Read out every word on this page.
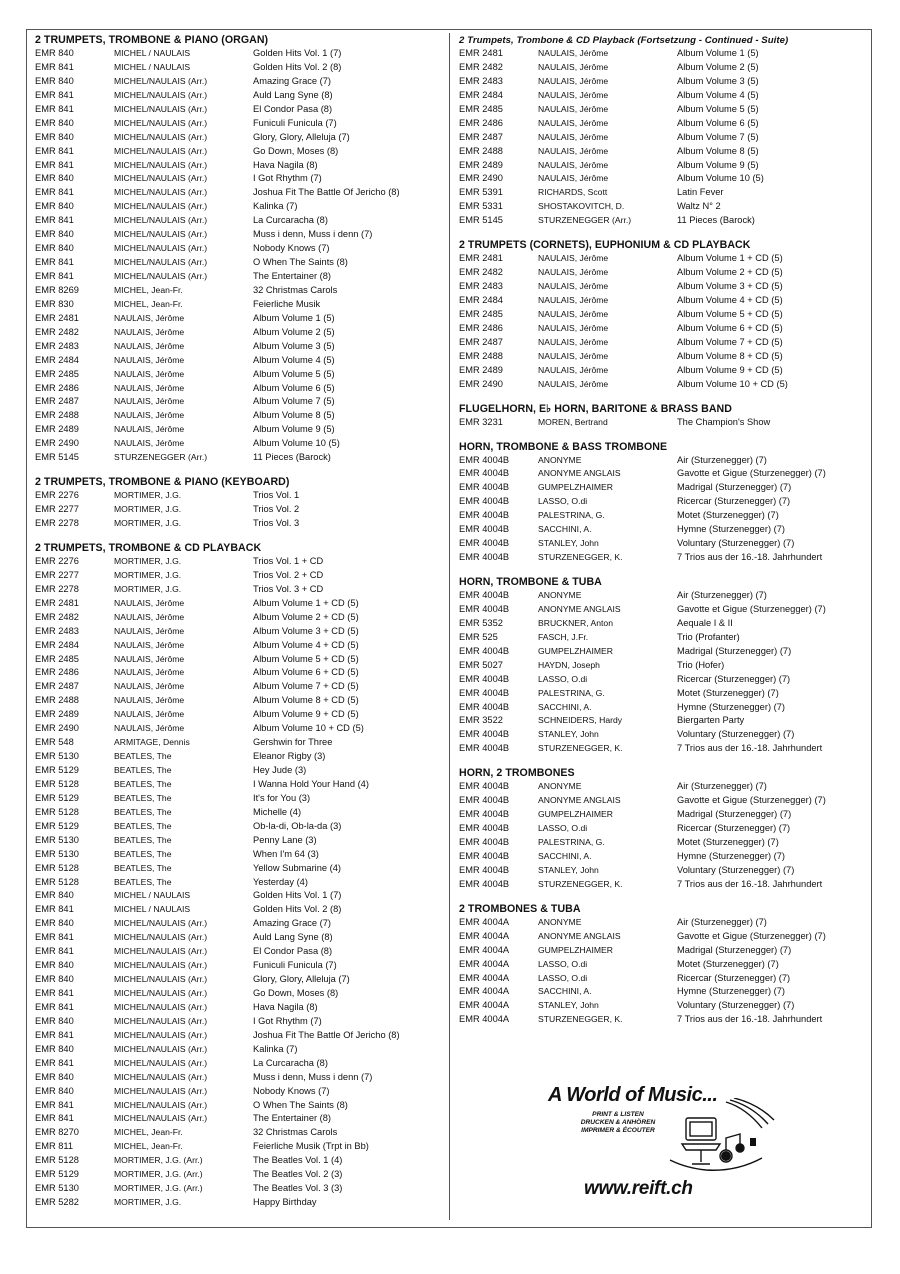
2 TRUMPETS, TROMBONE & PIANO (ORGAN)
EMR 840	MICHEL / NAULAIS	Golden Hits Vol. 1 (7)
EMR 841	MICHEL / NAULAIS	Golden Hits Vol. 2 (8)
EMR 840	MICHEL/NAULAIS (Arr.)	Amazing Grace (7)
EMR 841	MICHEL/NAULAIS (Arr.)	Auld Lang Syne (8)
EMR 841	MICHEL/NAULAIS (Arr.)	El Condor Pasa (8)
EMR 840	MICHEL/NAULAIS (Arr.)	Funiculi Funicula (7)
EMR 840	MICHEL/NAULAIS (Arr.)	Glory, Glory, Alleluja (7)
EMR 841	MICHEL/NAULAIS (Arr.)	Go Down, Moses (8)
EMR 841	MICHEL/NAULAIS (Arr.)	Hava Nagila (8)
EMR 840	MICHEL/NAULAIS (Arr.)	I Got Rhythm (7)
EMR 841	MICHEL/NAULAIS (Arr.)	Joshua Fit The Battle Of Jericho (8)
EMR 840	MICHEL/NAULAIS (Arr.)	Kalinka (7)
EMR 841	MICHEL/NAULAIS (Arr.)	La Curcaracha (8)
EMR 840	MICHEL/NAULAIS (Arr.)	Muss i denn, Muss i denn (7)
EMR 840	MICHEL/NAULAIS (Arr.)	Nobody Knows (7)
EMR 841	MICHEL/NAULAIS (Arr.)	O When The Saints (8)
EMR 841	MICHEL/NAULAIS (Arr.)	The Entertainer (8)
EMR 8269	MICHEL, Jean-Fr.	32 Christmas Carols
EMR 830	MICHEL, Jean-Fr.	Feierliche Musik
EMR 2481	NAULAIS, Jérôme	Album Volume 1 (5)
EMR 2482	NAULAIS, Jérôme	Album Volume 2 (5)
EMR 2483	NAULAIS, Jérôme	Album Volume 3 (5)
EMR 2484	NAULAIS, Jérôme	Album Volume 4 (5)
EMR 2485	NAULAIS, Jérôme	Album Volume 5 (5)
EMR 2486	NAULAIS, Jérôme	Album Volume 6 (5)
EMR 2487	NAULAIS, Jérôme	Album Volume 7 (5)
EMR 2488	NAULAIS, Jérôme	Album Volume 8 (5)
EMR 2489	NAULAIS, Jérôme	Album Volume 9 (5)
EMR 2490	NAULAIS, Jérôme	Album Volume 10 (5)
EMR 5145	STURZENEGGER (Arr.)	11 Pieces (Barock)
2 TRUMPETS, TROMBONE & PIANO (KEYBOARD)
EMR 2276	MORTIMER, J.G.	Trios Vol. 1
EMR 2277	MORTIMER, J.G.	Trios Vol. 2
EMR 2278	MORTIMER, J.G.	Trios Vol. 3
2 TRUMPETS, TROMBONE & CD PLAYBACK
EMR 2276	MORTIMER, J.G.	Trios Vol. 1 + CD
EMR 2277	MORTIMER, J.G.	Trios Vol. 2 + CD
EMR 2278	MORTIMER, J.G.	Trios Vol. 3 + CD
EMR 2481	NAULAIS, Jérôme	Album Volume 1 + CD (5)
EMR 2482	NAULAIS, Jérôme	Album Volume 2 + CD (5)
EMR 2483	NAULAIS, Jérôme	Album Volume 3 + CD (5)
EMR 2484	NAULAIS, Jérôme	Album Volume 4 + CD (5)
EMR 2485	NAULAIS, Jérôme	Album Volume 5 + CD (5)
EMR 2486	NAULAIS, Jérôme	Album Volume 6 + CD (5)
EMR 2487	NAULAIS, Jérôme	Album Volume 7 + CD (5)
EMR 2488	NAULAIS, Jérôme	Album Volume 8 + CD (5)
EMR 2489	NAULAIS, Jérôme	Album Volume 9 + CD (5)
EMR 2490	NAULAIS, Jérôme	Album Volume 10 + CD (5)
EMR 548	ARMITAGE, Dennis	Gershwin for Three
EMR 5130	BEATLES, The	Eleanor Rigby (3)
EMR 5129	BEATLES, The	Hey Jude (3)
EMR 5128	BEATLES, The	I Wanna Hold Your Hand (4)
EMR 5129	BEATLES, The	It's for You (3)
EMR 5128	BEATLES, The	Michelle (4)
EMR 5129	BEATLES, The	Ob-la-di, Ob-la-da (3)
EMR 5130	BEATLES, The	Penny Lane (3)
EMR 5130	BEATLES, The	When I'm 64 (3)
EMR 5128	BEATLES, The	Yellow Submarine (4)
EMR 5128	BEATLES, The	Yesterday (4)
EMR 840	MICHEL / NAULAIS	Golden Hits Vol. 1 (7)
EMR 841	MICHEL / NAULAIS	Golden Hits Vol. 2 (8)
EMR 840	MICHEL/NAULAIS (Arr.)	Amazing Grace (7)
EMR 841	MICHEL/NAULAIS (Arr.)	Auld Lang Syne (8)
EMR 841	MICHEL/NAULAIS (Arr.)	El Condor Pasa (8)
EMR 840	MICHEL/NAULAIS (Arr.)	Funiculi Funicula (7)
EMR 840	MICHEL/NAULAIS (Arr.)	Glory, Glory, Alleluja (7)
EMR 841	MICHEL/NAULAIS (Arr.)	Go Down, Moses (8)
EMR 841	MICHEL/NAULAIS (Arr.)	Hava Nagila (8)
EMR 840	MICHEL/NAULAIS (Arr.)	I Got Rhythm (7)
EMR 841	MICHEL/NAULAIS (Arr.)	Joshua Fit The Battle Of Jericho (8)
EMR 840	MICHEL/NAULAIS (Arr.)	Kalinka (7)
EMR 841	MICHEL/NAULAIS (Arr.)	La Curcaracha (8)
EMR 840	MICHEL/NAULAIS (Arr.)	Muss i denn, Muss i denn (7)
EMR 840	MICHEL/NAULAIS (Arr.)	Nobody Knows (7)
EMR 841	MICHEL/NAULAIS (Arr.)	O When The Saints (8)
EMR 841	MICHEL/NAULAIS (Arr.)	The Entertainer (8)
EMR 8270	MICHEL, Jean-Fr.	32 Christmas Carols
EMR 811	MICHEL, Jean-Fr.	Feierliche Musik (Trpt in Bb)
EMR 5128	MORTIMER, J.G. (Arr.)	The Beatles Vol. 1 (4)
EMR 5129	MORTIMER, J.G. (Arr.)	The Beatles Vol. 2 (3)
EMR 5130	MORTIMER, J.G. (Arr.)	The Beatles Vol. 3 (3)
EMR 5282	MORTIMER, J.G.	Happy Birthday
2 Trumpets, Trombone & CD Playback (Fortsetzung - Continued - Suite)
EMR 2481	NAULAIS, Jérôme	Album Volume 1 (5)
EMR 2482	NAULAIS, Jérôme	Album Volume 2 (5)
EMR 2483	NAULAIS, Jérôme	Album Volume 3 (5)
EMR 2484	NAULAIS, Jérôme	Album Volume 4 (5)
EMR 2485	NAULAIS, Jérôme	Album Volume 5 (5)
EMR 2486	NAULAIS, Jérôme	Album Volume 6 (5)
EMR 2487	NAULAIS, Jérôme	Album Volume 7 (5)
EMR 2488	NAULAIS, Jérôme	Album Volume 8 (5)
EMR 2489	NAULAIS, Jérôme	Album Volume 9 (5)
EMR 2490	NAULAIS, Jérôme	Album Volume 10 (5)
EMR 5391	RICHARDS, Scott	Latin Fever
EMR 5331	SHOSTAKOVITCH, D.	Waltz N° 2
EMR 5145	STURZENEGGER (Arr.)	11 Pieces (Barock)
2 TRUMPETS (CORNETS), EUPHONIUM & CD PLAYBACK
EMR 2481	NAULAIS, Jérôme	Album Volume 1 + CD (5)
EMR 2482	NAULAIS, Jérôme	Album Volume 2 + CD (5)
EMR 2483	NAULAIS, Jérôme	Album Volume 3 + CD (5)
EMR 2484	NAULAIS, Jérôme	Album Volume 4 + CD (5)
EMR 2485	NAULAIS, Jérôme	Album Volume 5 + CD (5)
EMR 2486	NAULAIS, Jérôme	Album Volume 6 + CD (5)
EMR 2487	NAULAIS, Jérôme	Album Volume 7 + CD (5)
EMR 2488	NAULAIS, Jérôme	Album Volume 8 + CD (5)
EMR 2489	NAULAIS, Jérôme	Album Volume 9 + CD (5)
EMR 2490	NAULAIS, Jérôme	Album Volume 10 + CD (5)
FLUGELHORN, E♭ HORN, BARITONE & BRASS BAND
EMR 3231	MOREN, Bertrand	The Champion's Show
HORN, TROMBONE & BASS TROMBONE
EMR 4004B	ANONYME	Air (Sturzenegger) (7)
EMR 4004B	ANONYME ANGLAIS	Gavotte et Gigue (Sturzenegger) (7)
EMR 4004B	GUMPELZHAIMER	Madrigal (Sturzenegger) (7)
EMR 4004B	LASSO, O.di	Ricercar (Sturzenegger) (7)
EMR 4004B	PALESTRINA, G.	Motet (Sturzenegger) (7)
EMR 4004B	SACCHINI, A.	Hymne (Sturzenegger) (7)
EMR 4004B	STANLEY, John	Voluntary (Sturzenegger) (7)
EMR 4004B	STURZENEGGER, K.	7 Trios aus der 16.-18. Jahrhundert
HORN, TROMBONE & TUBA
EMR 4004B	ANONYME	Air (Sturzenegger) (7)
EMR 4004B	ANONYME ANGLAIS	Gavotte et Gigue (Sturzenegger) (7)
EMR 5352	BRUCKNER, Anton	Aequale I & II
EMR 525	FASCH, J.Fr.	Trio (Profanter)
EMR 4004B	GUMPELZHAIMER	Madrigal (Sturzenegger) (7)
EMR 5027	HAYDN, Joseph	Trio (Hofer)
EMR 4004B	LASSO, O.di	Ricercar (Sturzenegger) (7)
EMR 4004B	PALESTRINA, G.	Motet (Sturzenegger) (7)
EMR 4004B	SACCHINI, A.	Hymne (Sturzenegger) (7)
EMR 3522	SCHNEIDERS, Hardy	Biergarten Party
EMR 4004B	STANLEY, John	Voluntary (Sturzenegger) (7)
EMR 4004B	STURZENEGGER, K.	7 Trios aus der 16.-18. Jahrhundert
HORN, 2 TROMBONES
EMR 4004B	ANONYME	Air (Sturzenegger) (7)
EMR 4004B	ANONYME ANGLAIS	Gavotte et Gigue (Sturzenegger) (7)
EMR 4004B	GUMPELZHAIMER	Madrigal (Sturzenegger) (7)
EMR 4004B	LASSO, O.di	Ricercar (Sturzenegger) (7)
EMR 4004B	PALESTRINA, G.	Motet (Sturzenegger) (7)
EMR 4004B	SACCHINI, A.	Hymne (Sturzenegger) (7)
EMR 4004B	STANLEY, John	Voluntary (Sturzenegger) (7)
EMR 4004B	STURZENEGGER, K.	7 Trios aus der 16.-18. Jahrhundert
2 TROMBONES & TUBA
EMR 4004A	ANONYME	Air (Sturzenegger) (7)
EMR 4004A	ANONYME ANGLAIS	Gavotte et Gigue (Sturzenegger) (7)
EMR 4004A	GUMPELZHAIMER	Madrigal (Sturzenegger) (7)
EMR 4004A	LASSO, O.di	Motet (Sturzenegger) (7)
EMR 4004A	LASSO, O.di	Ricercar (Sturzenegger) (7)
EMR 4004A	SACCHINI, A.	Hymne (Sturzenegger) (7)
EMR 4004A	STANLEY, John	Voluntary (Sturzenegger) (7)
EMR 4004A	STURZENEGGER, K.	7 Trios aus der 16.-18. Jahrhundert
A World of Music...
PRINT & LISTEN
DRUCKEN & ANHÖREN
IMPRIMER & ÉCOUTER
www.reift.ch
